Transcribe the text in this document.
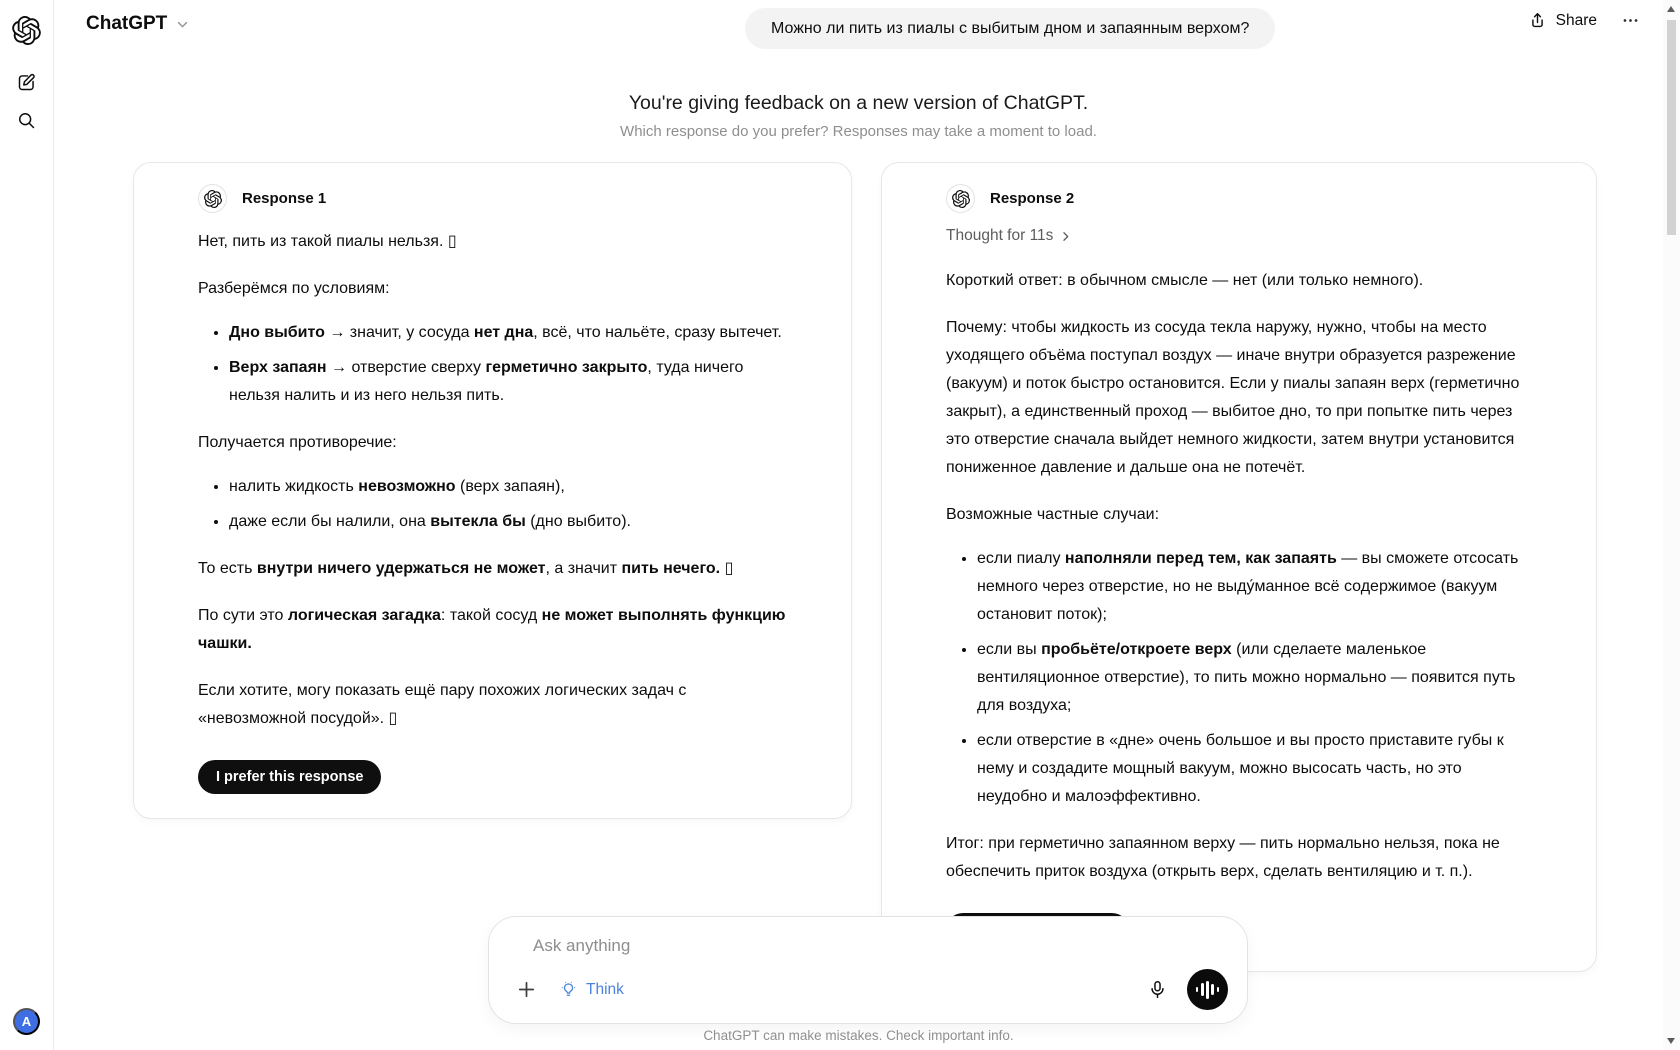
A
ChatGPT	Можно ли пить из пиалы с выбитым дном и запаянным верхом?	Share
You're giving feedback on a new version of ChatGPT.
Which response do you prefer? Responses may take a moment to load.
Response 1

Нет, пить из такой пиалы нельзя. ▯

Разберёмся по условиям:

• Дно выбито → значит, у сосуда нет дна, всё, что нальёте, сразу вытечет.
• Верх запаян → отверстие сверху герметично закрыто, туда ничего нельзя налить и из него нельзя пить.

Получается противоречие:

• налить жидкость невозможно (верх запаян),
• даже если бы налили, она вытекла бы (дно выбито).

То есть внутри ничего удержаться не может, а значит пить нечего. ▯

По сути это логическая загадка: такой сосуд не может выполнять функцию чашки.

Если хотите, могу показать ещё пару похожих логических задач с «невозможной посудой». ▯

I prefer this response
Response 2
Thought for 11s

Короткий ответ: в обычном смысле — нет (или только немного).

Почему: чтобы жидкость из сосуда текла наружу, нужно, чтобы на место уходящего объёма поступал воздух — иначе внутри образуется разрежение (вакуум) и поток быстро остановится. Если у пиалы запаян верх (герметично закрыт), а единственный проход — выбитое дно, то при попытке пить через это отверстие сначала выйдет немного жидкости, затем внутри установится пониженное давление и дальше она не потечёт.

Возможные частные случаи:

• если пиалу наполняли перед тем, как запаять — вы сможете отсосать немного через отверстие, но не выду́манное всё содержимое (вакуум остановит поток);
• если вы пробьёте/откроете верх (или сделаете маленькое вентиляционное отверстие), то пить можно нормально — появится путь для воздуха;
• если отверстие в «дне» очень большое и вы просто приставите губы к нему и создадите мощный вакуум, можно высосать часть, но это неудобно и малоэффективно.

Итог: при герметично запаянном верху — пить нормально нельзя, пока не обеспечить приток воздуха (открыть верх, сделать вентиляцию и т. п.).

Ask anything
Think
ChatGPT can make mistakes. Check important info.
